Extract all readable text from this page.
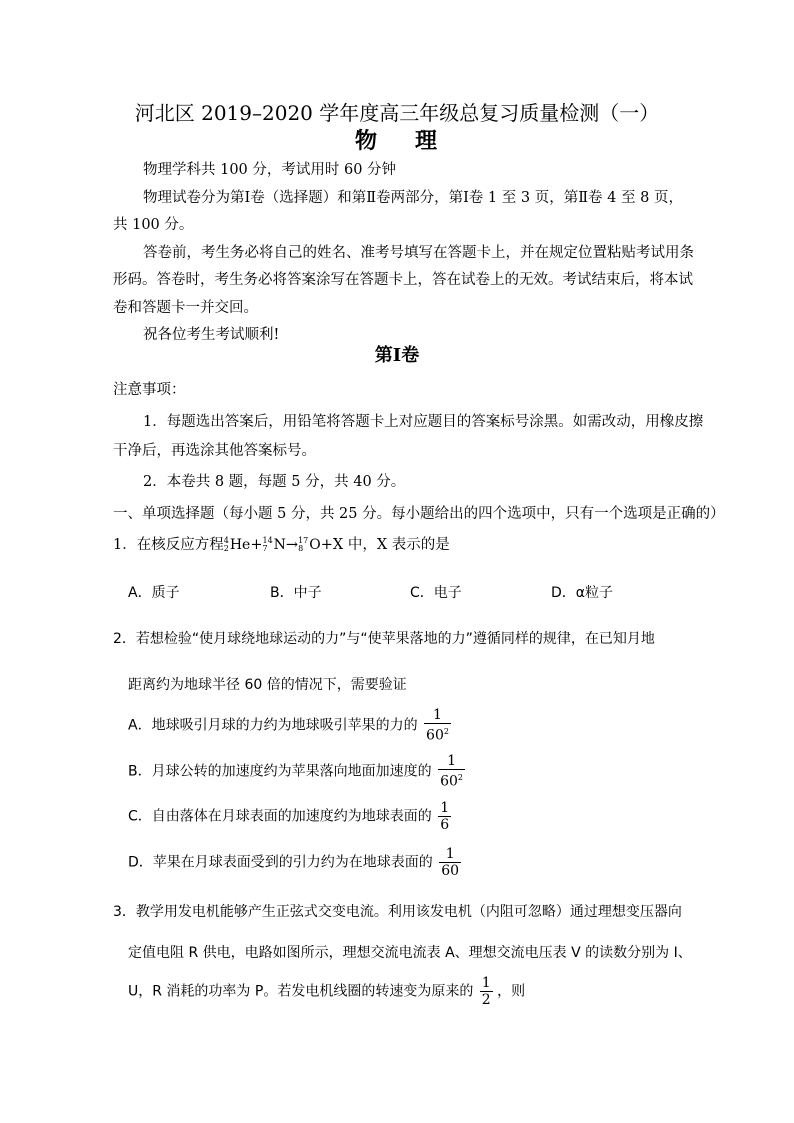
河北区 2019–2020 学年度高三年级总复习质量检测（一）
物 理
物理学科共 100 分，考试用时 60 分钟
物理试卷分为第Ⅰ卷（选择题）和第Ⅱ卷两部分，第Ⅰ卷 1 至 3 页，第Ⅱ卷 4 至 8 页，
共 100 分。
答卷前，考生务必将自己的姓名、准考号填写在答题卡上，并在规定位置粘贴考试用条
形码。答卷时，考生务必将答案涂写在答题卡上，答在试卷上的无效。考试结束后，将本试
卷和答题卡一并交回。
祝各位考生考试顺利!
第Ⅰ卷
注意事项：
1．每题选出答案后，用铅笔将答题卡上对应题目的答案标号涂黑。如需改动，用橡皮擦
干净后，再选涂其他答案标号。
2．本卷共 8 题，每题 5 分，共 40 分。
一、单项选择题（每小题 5 分，共 25 分。每小题给出的四个选项中，只有一个选项是正确的）
1．在核反应方程 4
2 He+ 14
7 N→ 17
8 O+X 中，X 表示的是
A．质子	B．中子	C．电子	D．α粒子
2．若想检验“使月球绕地球运动的力”与“使苹果落地的力”遵循同样的规律，在已知月地
距离约为地球半径 60 倍的情况下，需要验证
A．地球吸引月球的力约为地球吸引苹果的力的 $\frac{1}{60^2}$
B．月球公转的加速度约为苹果落向地面加速度的 $\frac{1}{60^2}$
C．自由落体在月球表面的加速度约为地球表面的 $\frac{1}{6}$
D．苹果在月球表面受到的引力约为在地球表面的 $\frac{1}{60}$
3．教学用发电机能够产生正弦式交变电流。利用该发电机（内阻可忽略）通过理想变压器向
定值电阻 R 供电，电路如图所示，理想交流电流表 A、理想交流电压表 V 的读数分别为 I、
U，R 消耗的功率为 P。若发电机线圈的转速变为原来的 $\frac{1}{2}$ ，则
